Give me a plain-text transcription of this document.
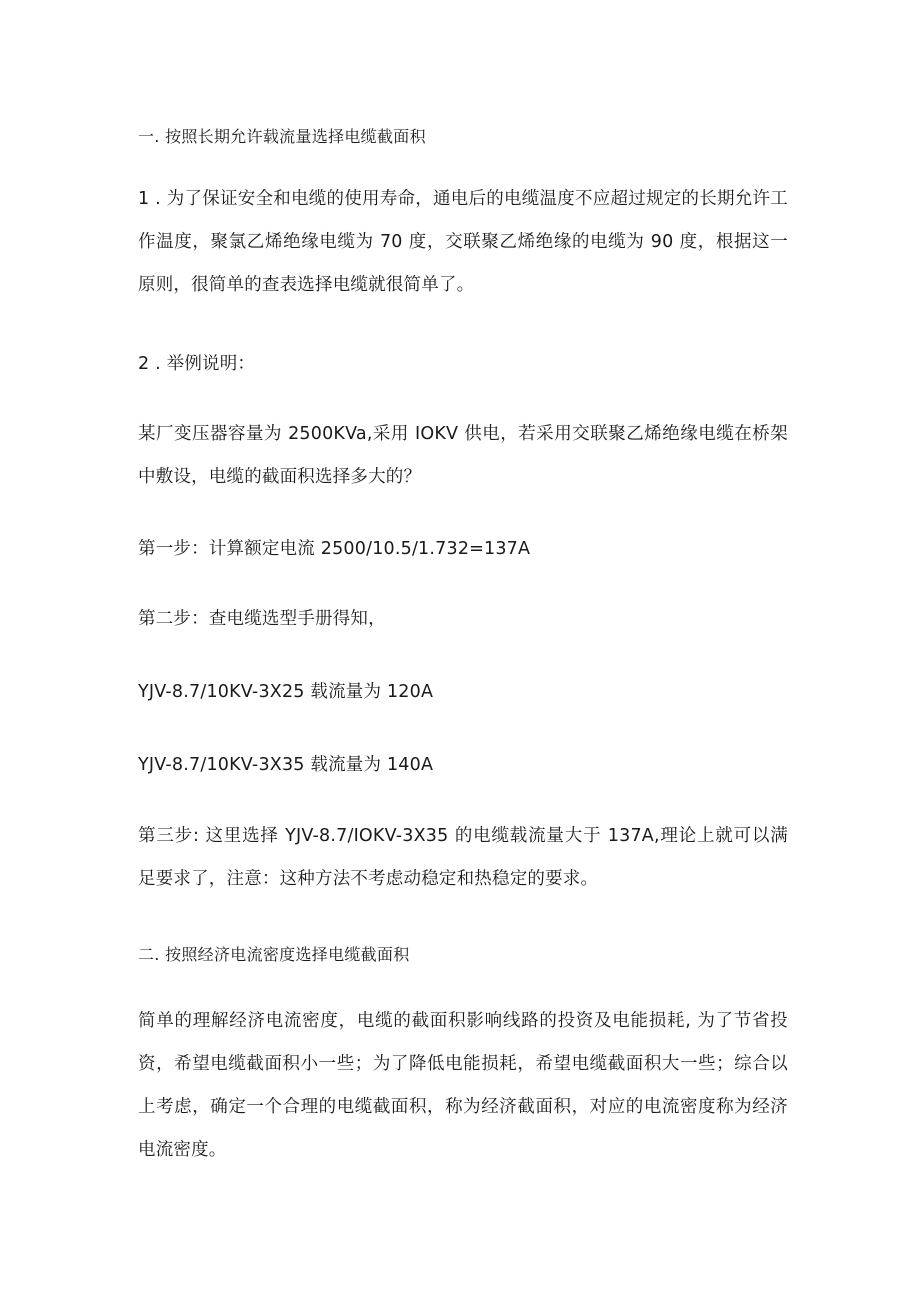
一. 按照长期允许载流量选择电缆截面积

1 . 为了保证安全和电缆的使用寿命，通电后的电缆温度不应超过规定的长期允许工作温度，聚氯乙烯绝缘电缆为 70 度，交联聚乙烯绝缘的电缆为 90 度，根据这一原则，很简单的查表选择电缆就很简单了。

2 . 举例说明：

某厂变压器容量为 2500KVa,采用 IOKV 供电，若采用交联聚乙烯绝缘电缆在桥架中敷设，电缆的截面积选择多大的？

第一步：计算额定电流 2500/10.5/1.732=137A

第二步：查电缆选型手册得知，

YJV-8.7/10KV-3X25 载流量为 120A

YJV-8.7/10KV-3X35 载流量为 140A

第三步: 这里选择 YJV-8.7/IOKV-3X35 的电缆载流量大于 137A,理论上就可以满足要求了，注意：这种方法不考虑动稳定和热稳定的要求。

二. 按照经济电流密度选择电缆截面积

简单的理解经济电流密度，电缆的截面积影响线路的投资及电能损耗, 为了节省投资，希望电缆截面积小一些；为了降低电能损耗，希望电缆截面积大一些；综合以上考虑，确定一个合理的电缆截面积，称为经济截面积，对应的电流密度称为经济电流密度。
